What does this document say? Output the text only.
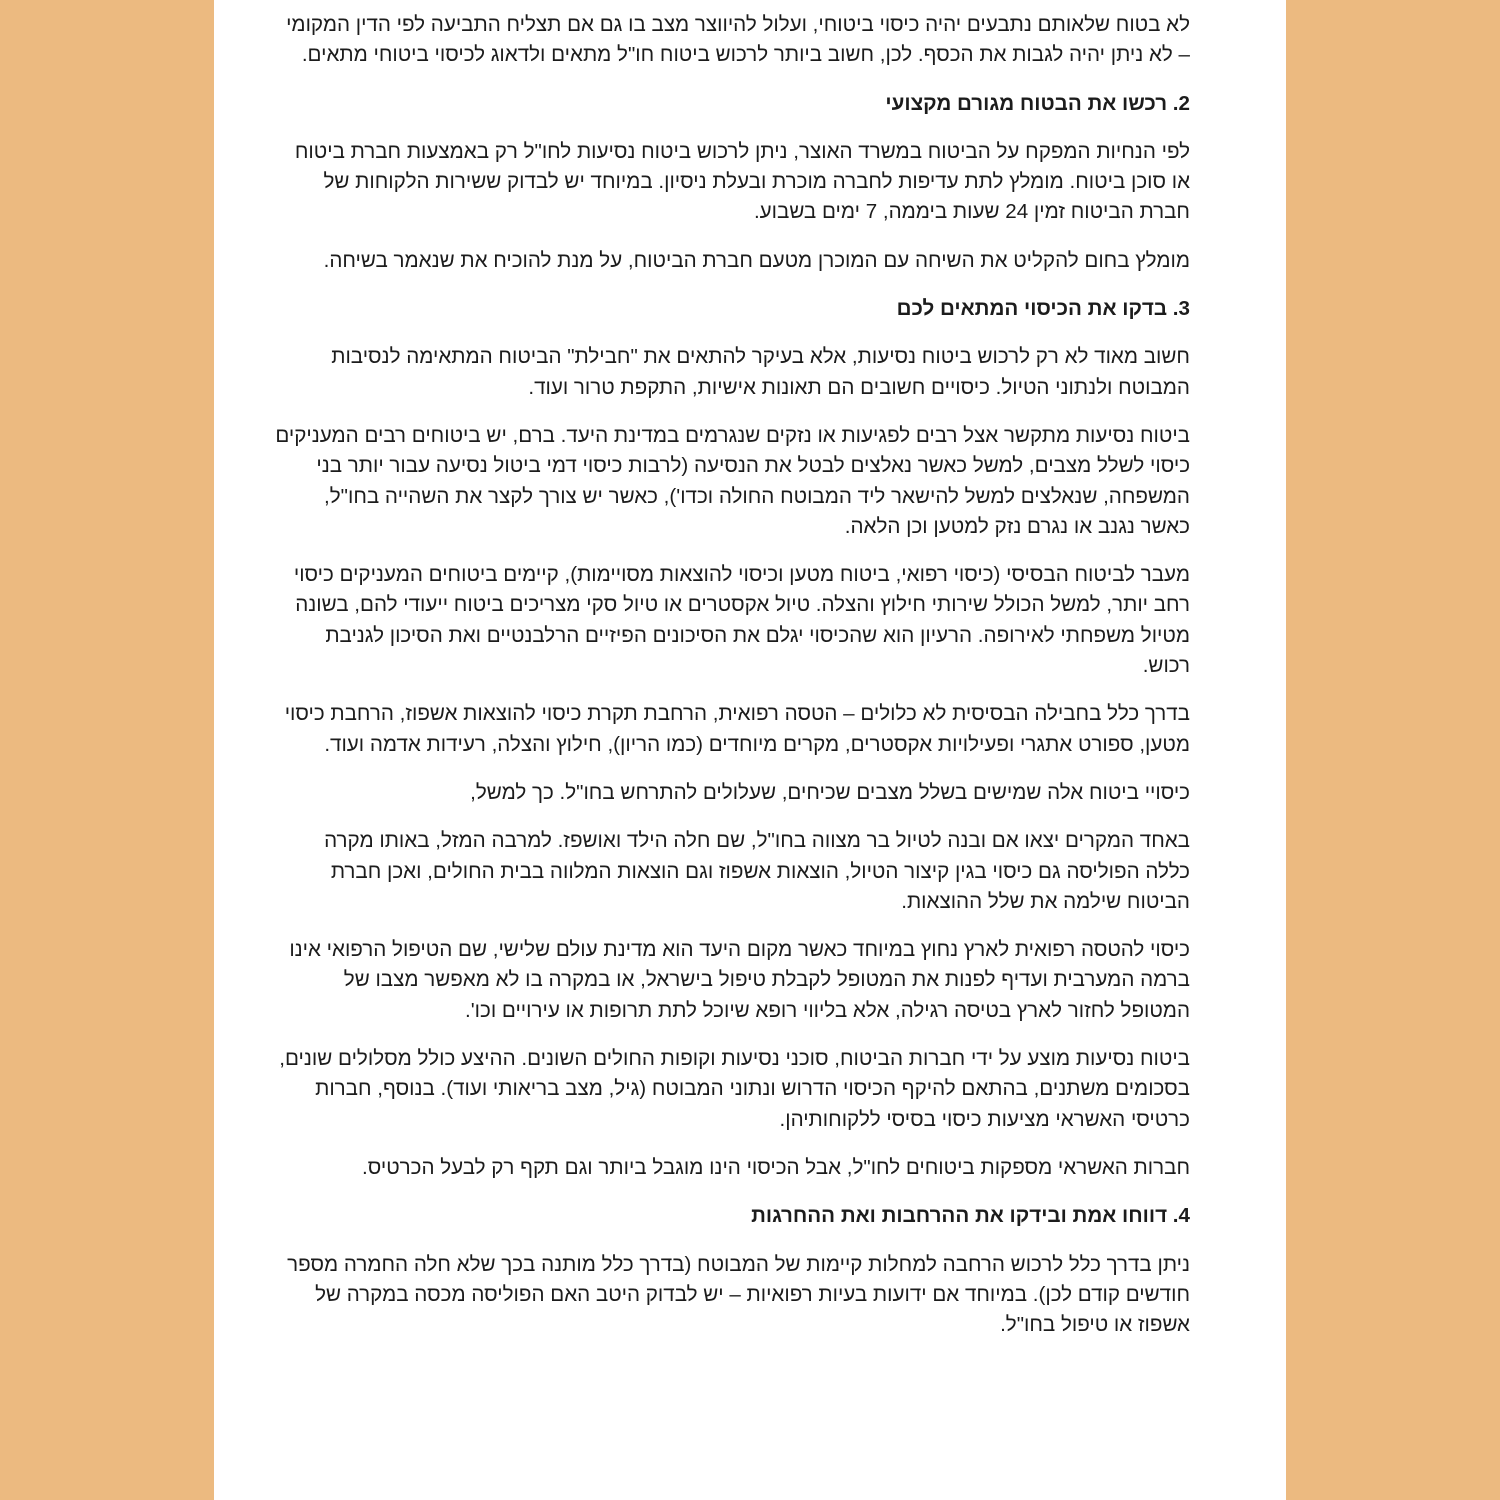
לא בטוח שלאותם נתבעים יהיה כיסוי ביטוחי, ועלול להיווצר מצב בו גם אם תצליח התביעה לפי הדין המקומי – לא ניתן יהיה לגבות את הכסף. לכן, חשוב ביותר לרכוש ביטוח חו"ל מתאים ולדאוג לכיסוי ביטוחי מתאים.

2. רכשו את הבטוח מגורם מקצועי

לפי הנחיות המפקח על הביטוח במשרד האוצר, ניתן לרכוש ביטוח נסיעות לחו"ל רק באמצעות חברת ביטוח או סוכן ביטוח. מומלץ לתת עדיפות לחברה מוכרת ובעלת ניסיון. במיוחד יש לבדוק ששירות הלקוחות של חברת הביטוח זמין 24 שעות ביממה, 7 ימים בשבוע.

מומלץ בחום להקליט את השיחה עם המוכרן מטעם חברת הביטוח, על מנת להוכיח את שנאמר בשיחה.

3. בדקו את הכיסוי המתאים לכם

חשוב מאוד לא רק לרכוש ביטוח נסיעות, אלא בעיקר להתאים את "חבילת" הביטוח המתאימה לנסיבות המבוטח ולנתוני הטיול. כיסויים חשובים הם תאונות אישיות, התקפת טרור ועוד.

ביטוח נסיעות מתקשר אצל רבים לפגיעות או נזקים שנגרמים במדינת היעד. ברם, יש ביטוחים רבים המעניקים כיסוי לשלל מצבים, למשל כאשר נאלצים לבטל את הנסיעה (לרבות כיסוי דמי ביטול נסיעה עבור יותר בני המשפחה, שנאלצים למשל להישאר ליד המבוטח החולה וכדו'), כאשר יש צורך לקצר את השהייה בחו"ל, כאשר נגנב או נגרם נזק למטען וכן הלאה.

מעבר לביטוח הבסיסי (כיסוי רפואי, ביטוח מטען וכיסוי להוצאות מסויימות), קיימים ביטוחים המעניקים כיסוי רחב יותר, למשל הכולל שירותי חילוץ והצלה. טיול אקסטרים או טיול סקי מצריכים ביטוח ייעודי להם, בשונה מטיול משפחתי לאירופה. הרעיון הוא שהכיסוי יגלם את הסיכונים הפיזיים הרלבנטיים ואת הסיכון לגניבת רכוש.

בדרך כלל בחבילה הבסיסית לא כלולים – הטסה רפואית, הרחבת תקרת כיסוי להוצאות אשפוז, הרחבת כיסוי מטען, ספורט אתגרי ופעילויות אקסטרים, מקרים מיוחדים (כמו הריון), חילוץ והצלה, רעידות אדמה ועוד.

כיסויי ביטוח אלה שמישים בשלל מצבים שכיחים, שעלולים להתרחש בחו"ל. כך למשל,

באחד המקרים יצאו אם ובנה לטיול בר מצווה בחו"ל, שם חלה הילד ואושפז. למרבה המזל, באותו מקרה כללה הפוליסה גם כיסוי בגין קיצור הטיול, הוצאות אשפוז וגם הוצאות המלווה בבית החולים, ואכן חברת הביטוח שילמה את שלל ההוצאות.

כיסוי להטסה רפואית לארץ נחוץ במיוחד כאשר מקום היעד הוא מדינת עולם שלישי, שם הטיפול הרפואי אינו ברמה המערבית ועדיף לפנות את המטופל לקבלת טיפול בישראל, או במקרה בו לא מאפשר מצבו של המטופל לחזור לארץ בטיסה רגילה, אלא בליווי רופא שיוכל לתת תרופות או עירויים וכו'.

ביטוח נסיעות מוצע על ידי חברות הביטוח, סוכני נסיעות וקופות החולים השונים. ההיצע כולל מסלולים שונים, בסכומים משתנים, בהתאם להיקף הכיסוי הדרוש ונתוני המבוטח (גיל, מצב בריאותי ועוד). בנוסף, חברות כרטיסי האשראי מציעות כיסוי בסיסי ללקוחותיהן.

חברות האשראי מספקות ביטוחים לחו"ל, אבל הכיסוי הינו מוגבל ביותר וגם תקף רק לבעל הכרטיס.

4. דווחו אמת ובידקו את ההרחבות ואת ההחרגות

ניתן בדרך כלל לרכוש הרחבה למחלות קיימות של המבוטח (בדרך כלל מותנה בכך שלא חלה החמרה מספר חודשים קודם לכן). במיוחד אם ידועות בעיות רפואיות – יש לבדוק היטב האם הפוליסה מכסה במקרה של אשפוז או טיפול בחו"ל.
